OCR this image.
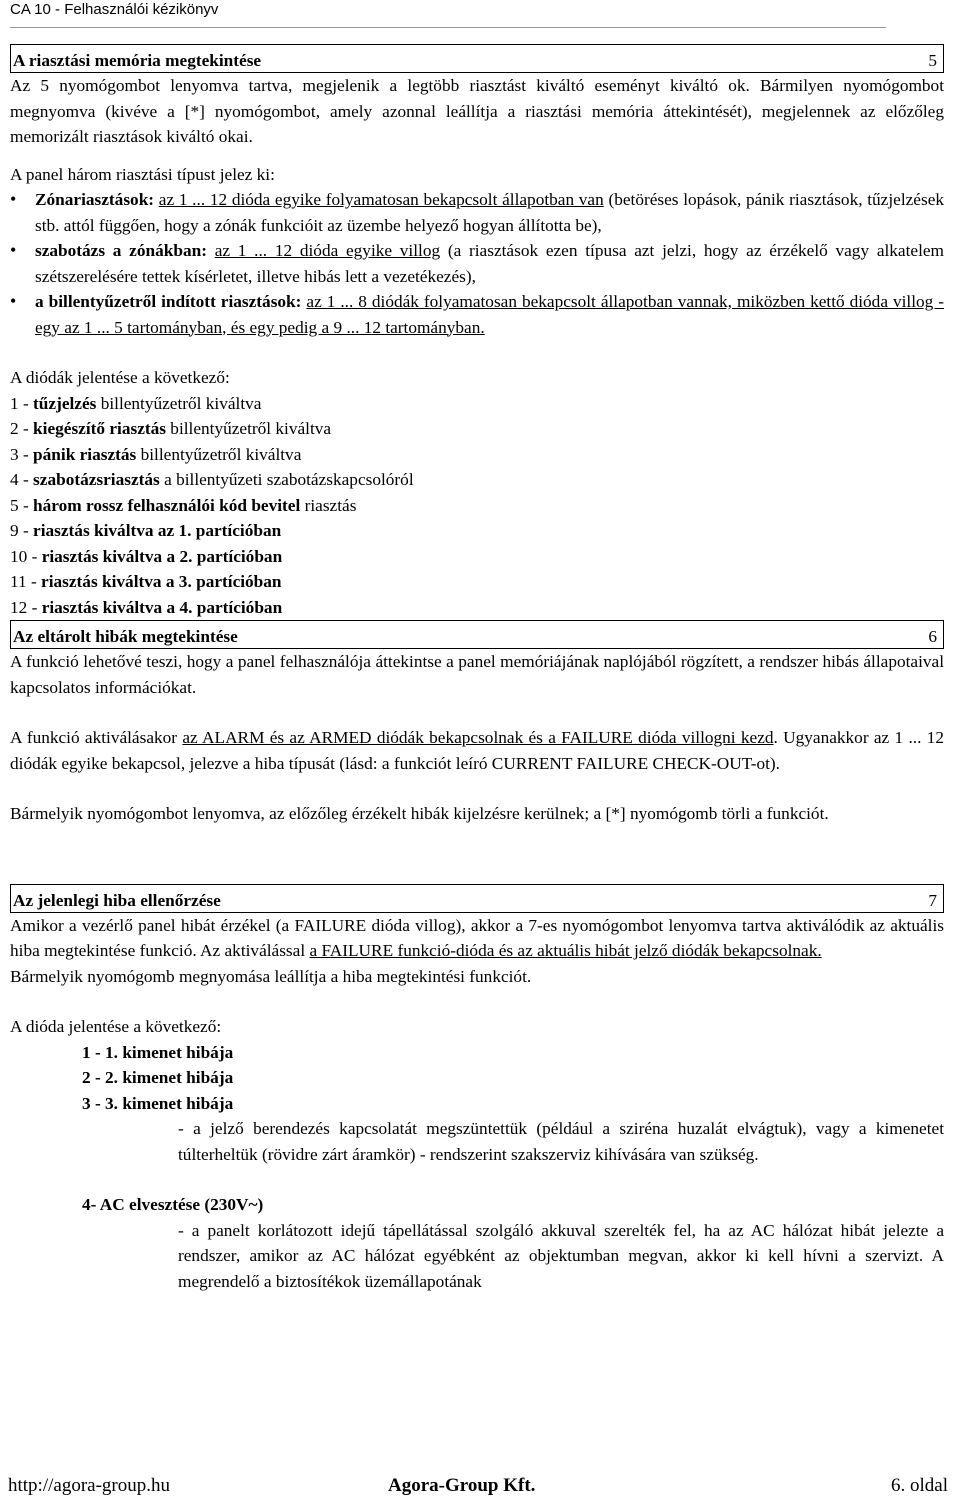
CA 10 - Felhasználói kézikönyv
A riasztási memória megtekintése	5

Az 5 nyomógombot lenyomva tartva, megjelenik a legtöbb riasztást kiváltó eseményt kiváltó ok. Bármilyen nyomógombot megnyomva (kivéve a [*] nyomógombot, amely azonnal leállítja a riasztási memória áttekintését), megjelennek az előzőleg memorizált riasztások kiváltó okai.

A panel három riasztási típust jelez ki:

• Zónariasztások: az 1 ... 12 dióda egyike folyamatosan bekapcsolt állapotban van (betöréses lopások, pánik riasztások, tűzjelzések stb. attól függően, hogy a zónák funkcióit az üzembe helyező hogyan állította be),
• szabotázs a zónákban: az 1 ... 12 dióda egyike villog (a riasztások ezen típusa azt jelzi, hogy az érzékelő vagy alkatelem szétszerelésére tettek kísérletet, illetve hibás lett a vezetékezés),
• a billentyűzetről indított riasztások: az 1 ... 8 diódák folyamatosan bekapcsolt állapotban vannak, miközben kettő dióda villog - egy az 1 ... 5 tartományban, és egy pedig a 9 ... 12 tartományban.

A diódák jelentése a következő:

1 - tűzjelzés billentyűzetről kiváltva
2 - kiegészítő riasztás billentyűzetről kiváltva
3 - pánik riasztás billentyűzetről kiváltva
4 - szabotázsriasztás a billentyűzeti szabotázskapcsolóról
5 - három rossz felhasználói kód bevitel riasztás
9 - riasztás kiváltva az 1. partícióban
10 - riasztás kiváltva a 2. partícióban
11 - riasztás kiváltva a 3. partícióban
12 - riasztás kiváltva a 4. partícióban
Az eltárolt hibák megtekintése	6

A funkció lehetővé teszi, hogy a panel felhasználója áttekintse a panel memóriájának naplójából rögzített, a rendszer hibás állapotaival kapcsolatos információkat.

A funkció aktiválásakor az ALARM és az ARMED diódák bekapcsolnak és a FAILURE dióda villogni kezd. Ugyanakkor az 1 ... 12 diódák egyike bekapcsol, jelezve a hiba típusát (lásd: a funkciót leíró CURRENT FAILURE CHECK-OUT-ot).

Bármelyik nyomógombot lenyomva, az előzőleg érzékelt hibák kijelzésre kerülnek; a [*] nyomógomb törli a funkciót.

Az jelenlegi hiba ellenőrzése	7

Amikor a vezérlő panel hibát érzékel (a FAILURE dióda villog), akkor a 7-es nyomógombot lenyomva tartva aktiválódik az aktuális hiba megtekintése funkció. Az aktiválással a FAILURE funkció-dióda és az aktuális hibát jelző diódák bekapcsolnak.

Bármelyik nyomógomb megnyomása leállítja a hiba megtekintési funkciót.

A dióda jelentése a következő:

1 - 1. kimenet hibája
2 - 2. kimenet hibája
3 - 3. kimenet hibája
- a jelző berendezés kapcsolatát megszüntettük (például a sziréna huzalát elvágtuk), vagy a kimenetet túlterheltük (rövidre zárt áramkör) - rendszerint szakszerviz kihívására van szükség.
4- AC elvesztése (230V~)
- a panelt korlátozott idejű tápellátással szolgáló akkuval szerelték fel, ha az AC hálózat hibát jelezte a rendszer, amikor az AC hálózat egyébként az objektumban megvan, akkor ki kell hívni a szervizt. A megrendelő a biztosítékok üzemállapotának
http://agora-group.hu	Agora-Group Kft.	6. oldal
